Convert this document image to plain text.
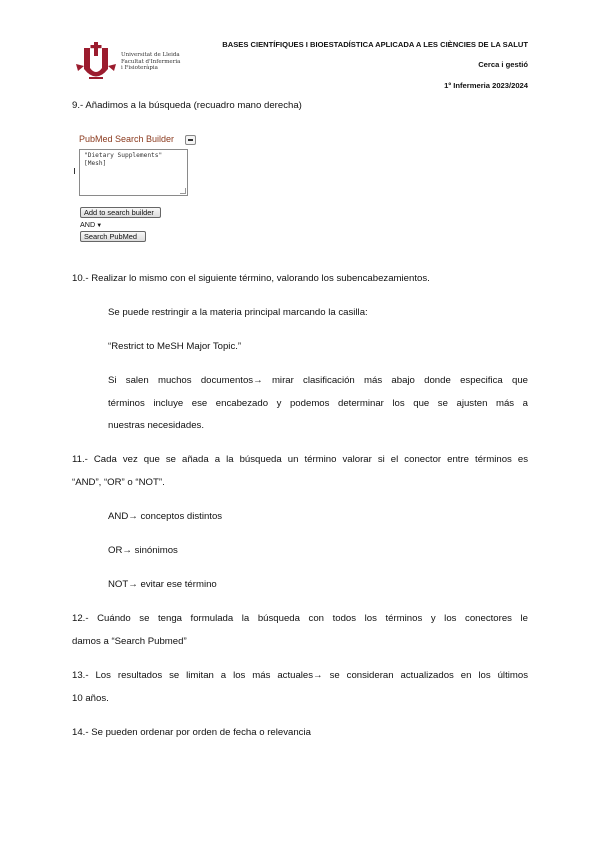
Universitat de Lleida
Facultat d'Infermeria
i Fisioteràpia
BASES CIENTÍFIQUES I BIOESTADÍSTICA APLICADA A LES CIÈNCIES DE LA SALUT
Cerca i gestió
1º Infermeria 2023/2024
9.- Añadimos a la búsqueda (recuadro mano derecha)
PubMed Search Builder
"Dietary Supplements"
[Mesh]
Add to search builder
AND▼
Search PubMed
10.- Realizar lo mismo con el siguiente término, valorando los subencabezamientos.
Se puede restringir a la materia principal marcando la casilla:
“Restrict to MeSH Major Topic.”
Si salen muchos documentos→ mirar clasificación más abajo donde especifica que
términos incluye ese encabezado y podemos determinar los que se ajusten más a
nuestras necesidades.
11.- Cada vez que se añada a la búsqueda un término valorar si el conector entre términos es
“AND”, “OR” o “NOT”.
AND→ conceptos distintos
OR→ sinónimos
NOT→ evitar ese término
12.- Cuándo se tenga formulada la búsqueda con todos los términos y los conectores le
damos a “Search Pubmed”
13.- Los resultados se limitan a los más actuales→ se consideran actualizados en los últimos
10 años.
14.- Se pueden ordenar por orden de fecha o relevancia
